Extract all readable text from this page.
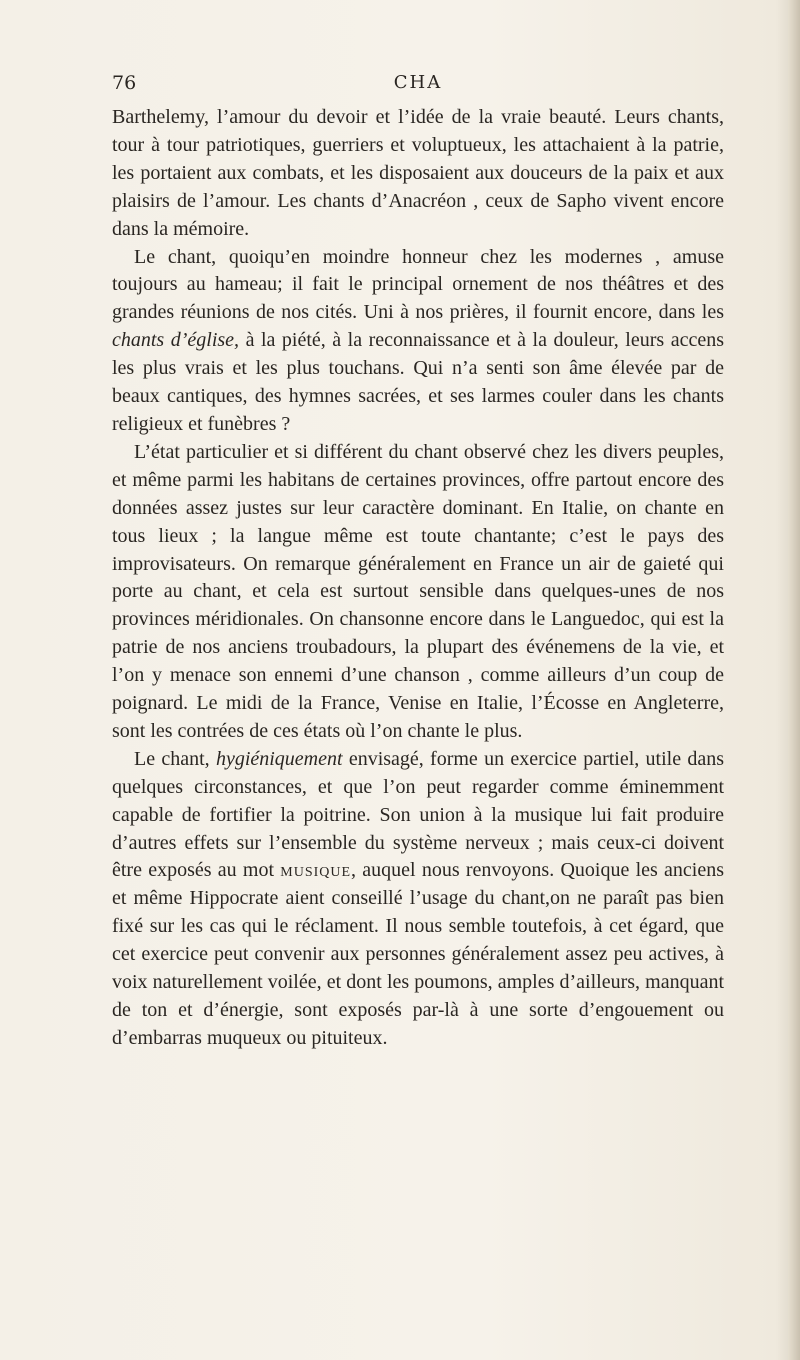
76	CHA

Barthelemy, l’amour du devoir et l’idée de la vraie beauté. Leurs chants, tour à tour patriotiques, guerriers et voluptueux, les attachaient à la patrie, les portaient aux combats, et les disposaient aux douceurs de la paix et aux plaisirs de l’amour. Les chants d’Anacréon , ceux de Sapho vivent encore dans la mémoire.

Le chant, quoiqu’en moindre honneur chez les modernes , amuse toujours au hameau; il fait le principal ornement de nos théâtres et des grandes réunions de nos cités. Uni à nos prières, il fournit encore, dans les chants d’église, à la piété, à la reconnaissance et à la douleur, leurs accens les plus vrais et les plus touchans. Qui n’a senti son âme élevée par de beaux cantiques, des hymnes sacrées, et ses larmes couler dans les chants religieux et funèbres ?

L’état particulier et si différent du chant observé chez les divers peuples, et même parmi les habitans de certaines provinces, offre partout encore des données assez justes sur leur caractère dominant. En Italie, on chante en tous lieux ; la langue même est toute chantante; c’est le pays des improvisateurs. On remarque généralement en France un air de gaieté qui porte au chant, et cela est surtout sensible dans quelques-unes de nos provinces méridionales. On chansonne encore dans le Languedoc, qui est la patrie de nos anciens troubadours, la plupart des événemens de la vie, et l’on y menace son ennemi d’une chanson , comme ailleurs d’un coup de poignard. Le midi de la France, Venise en Italie, l’Écosse en Angleterre, sont les contrées de ces états où l’on chante le plus.

Le chant, hygiéniquement envisagé, forme un exercice partiel, utile dans quelques circonstances, et que l’on peut regarder comme éminemment capable de fortifier la poitrine. Son union à la musique lui fait produire d’autres effets sur l’ensemble du système nerveux ; mais ceux-ci doivent être exposés au mot musique, auquel nous renvoyons. Quoique les anciens et même Hippocrate aient conseillé l’usage du chant,on ne paraît pas bien fixé sur les cas qui le réclament. Il nous semble toutefois, à cet égard, que cet exercice peut convenir aux personnes généralement assez peu actives, à voix naturellement voilée, et dont les poumons, amples d’ailleurs, manquant de ton et d’énergie, sont exposés par-là à une sorte d’engouement ou d’embarras muqueux ou pituiteux.
